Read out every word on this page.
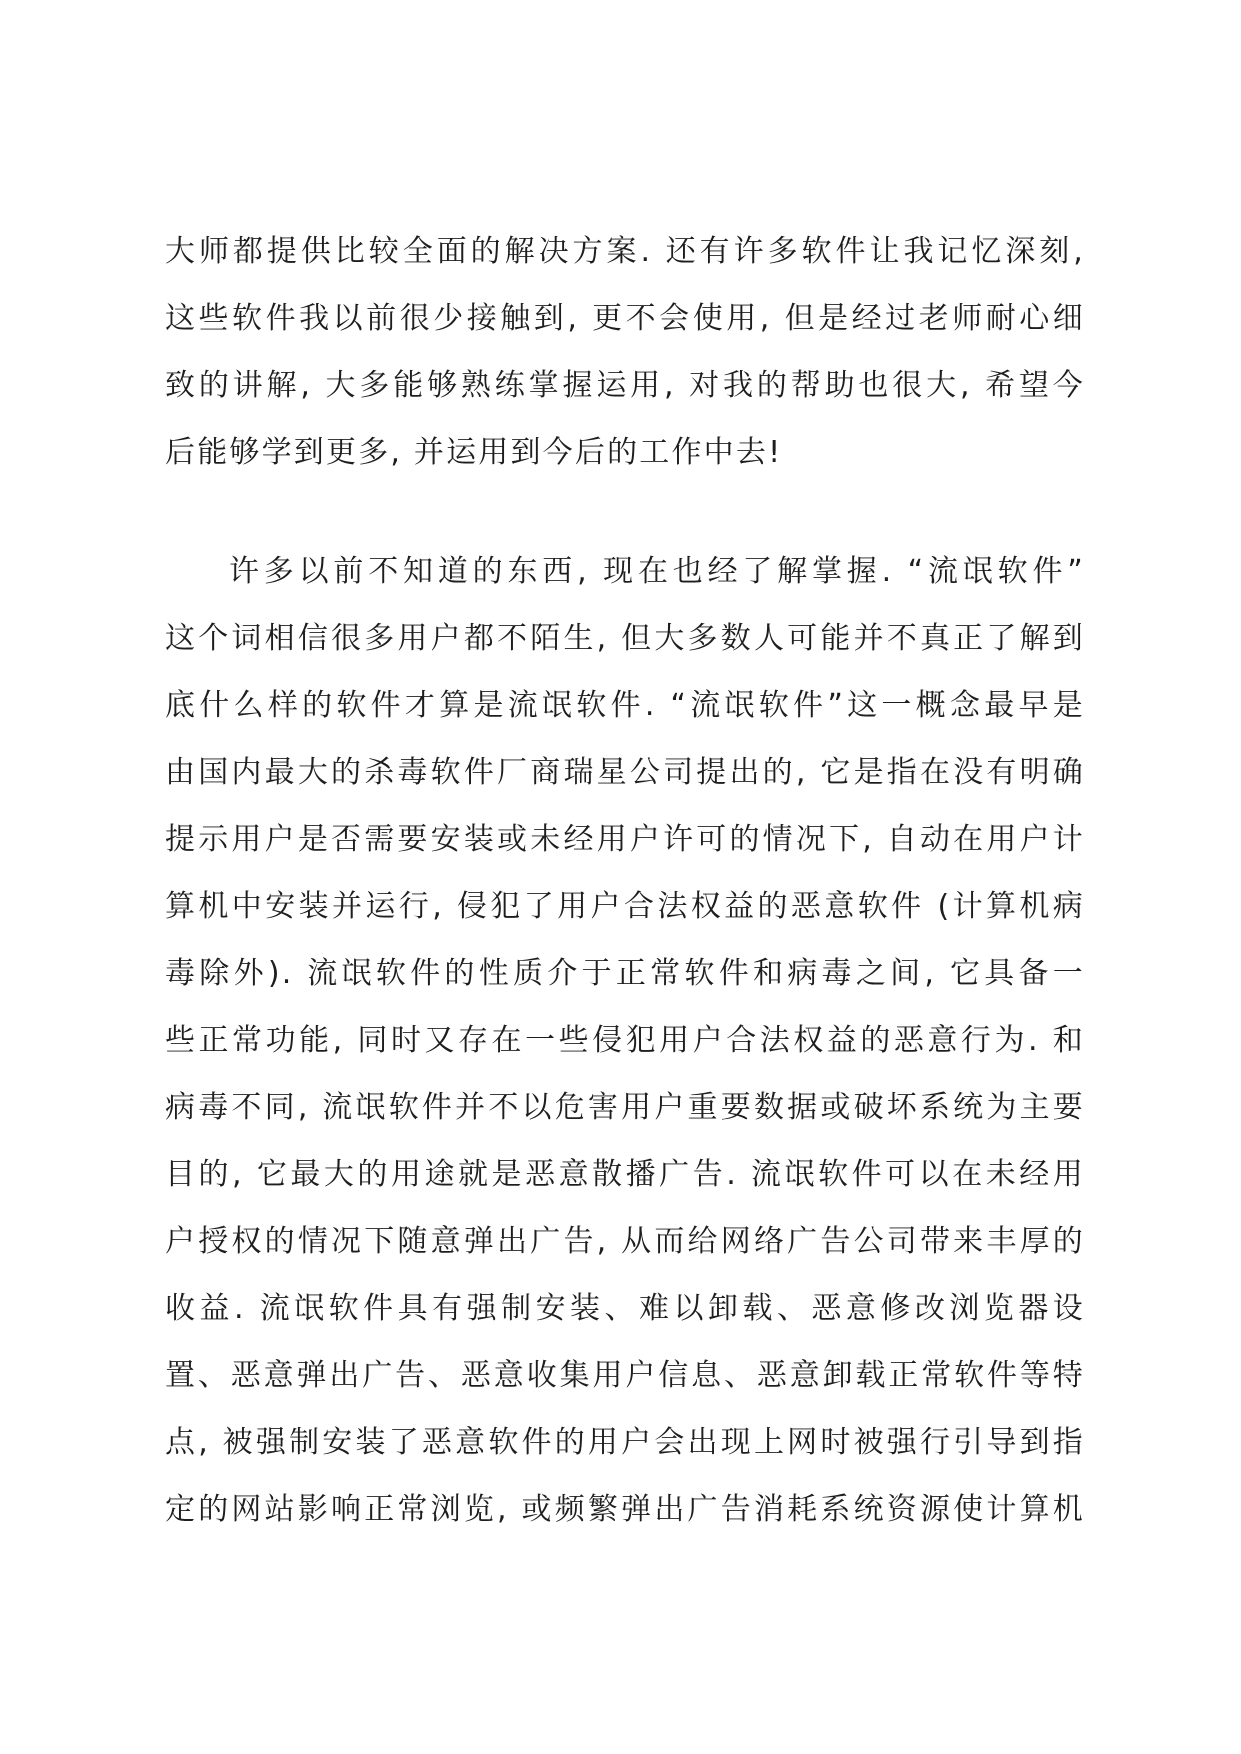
大师都提供比较全面的解决方案. 还有许多软件让我记忆深刻,
这些软件我以前很少接触到, 更不会使用, 但是经过老师耐心细
致的讲解, 大多能够熟练掌握运用, 对我的帮助也很大, 希望今
后能够学到更多, 并运用到今后的工作中去!
许多以前不知道的东西, 现在也经了解掌握. “流氓软件”
这个词相信很多用户都不陌生, 但大多数人可能并不真正了解到
底什么样的软件才算是流氓软件. “流氓软件”这一概念最早是
由国内最大的杀毒软件厂商瑞星公司提出的, 它是指在没有明确
提示用户是否需要安装或未经用户许可的情况下, 自动在用户计
算机中安装并运行, 侵犯了用户合法权益的恶意软件 (计算机病
毒除外). 流氓软件的性质介于正常软件和病毒之间, 它具备一
些正常功能, 同时又存在一些侵犯用户合法权益的恶意行为. 和
病毒不同, 流氓软件并不以危害用户重要数据或破坏系统为主要
目的, 它最大的用途就是恶意散播广告. 流氓软件可以在未经用
户授权的情况下随意弹出广告, 从而给网络广告公司带来丰厚的
收益. 流氓软件具有强制安装、难以卸载、恶意修改浏览器设
置、恶意弹出广告、恶意收集用户信息、恶意卸载正常软件等特
点, 被强制安装了恶意软件的用户会出现上网时被强行引导到指
定的网站影响正常浏览, 或频繁弹出广告消耗系统资源使计算机
